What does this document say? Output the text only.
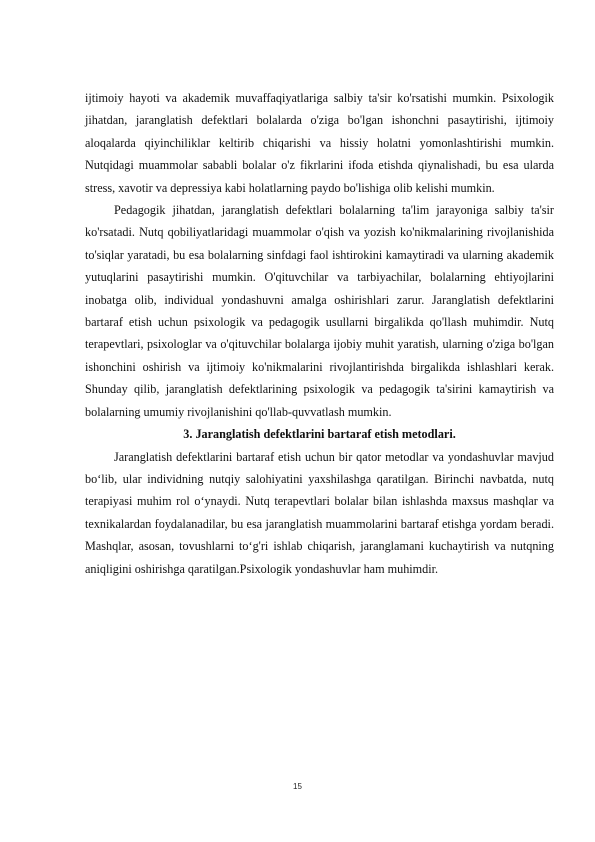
ijtimoiy hayoti va akademik muvaffaqiyatlariga salbiy ta'sir ko'rsatishi mumkin. Psixologik jihatdan, jaranglatish defektlari bolalarda o'ziga bo'lgan ishonchni pasaytirishi, ijtimoiy aloqalarda qiyinchiliklar keltirib chiqarishi va hissiy holatni yomonlashtirishi mumkin. Nutqidagi muammolar sababli bolalar o'z fikrlarini ifoda etishda qiynalishadi, bu esa ularda stress, xavotir va depressiya kabi holatlarning paydo bo'lishiga olib kelishi mumkin.

Pedagogik jihatdan, jaranglatish defektlari bolalarning ta'lim jarayoniga salbiy ta'sir ko'rsatadi. Nutq qobiliyatlaridagi muammolar o'qish va yozish ko'nikmalarining rivojlanishida to'siqlar yaratadi, bu esa bolalarning sinfdagi faol ishtirokini kamaytiradi va ularning akademik yutuqlarini pasaytirishi mumkin. O'qituvchilar va tarbiyachilar, bolalarning ehtiyojlarini inobatga olib, individual yondashuvni amalga oshirishlari zarur. Jaranglatish defektlarini bartaraf etish uchun psixologik va pedagogik usullarni birgalikda qo'llash muhimdir. Nutq terapevtlari, psixologlar va o'qituvchilar bolalarga ijobiy muhit yaratish, ularning o'ziga bo'lgan ishonchini oshirish va ijtimoiy ko'nikmalarini rivojlantirishda birgalikda ishlashlari kerak. Shunday qilib, jaranglatish defektlarining psixologik va pedagogik ta'sirini kamaytirish va bolalarning umumiy rivojlanishini qo'llab-quvvatlash mumkin.

3. Jaranglatish defektlarini bartaraf etish metodlari.

Jaranglatish defektlarini bartaraf etish uchun bir qator metodlar va yondashuvlar mavjud bo‘lib, ular individning nutqiy salohiyatini yaxshilashga qaratilgan. Birinchi navbatda, nutq terapiyasi muhim rol o‘ynaydi. Nutq terapevtlari bolalar bilan ishlashda maxsus mashqlar va texnikalardan foydalanadilar, bu esa jaranglatish muammolarini bartaraf etishga yordam beradi. Mashqlar, asosan, tovushlarni to‘g'ri ishlab chiqarish, jaranglamani kuchaytirish va nutqning aniqligini oshirishga qaratilgan.Psixologik yondashuvlar ham muhimdir.

15
